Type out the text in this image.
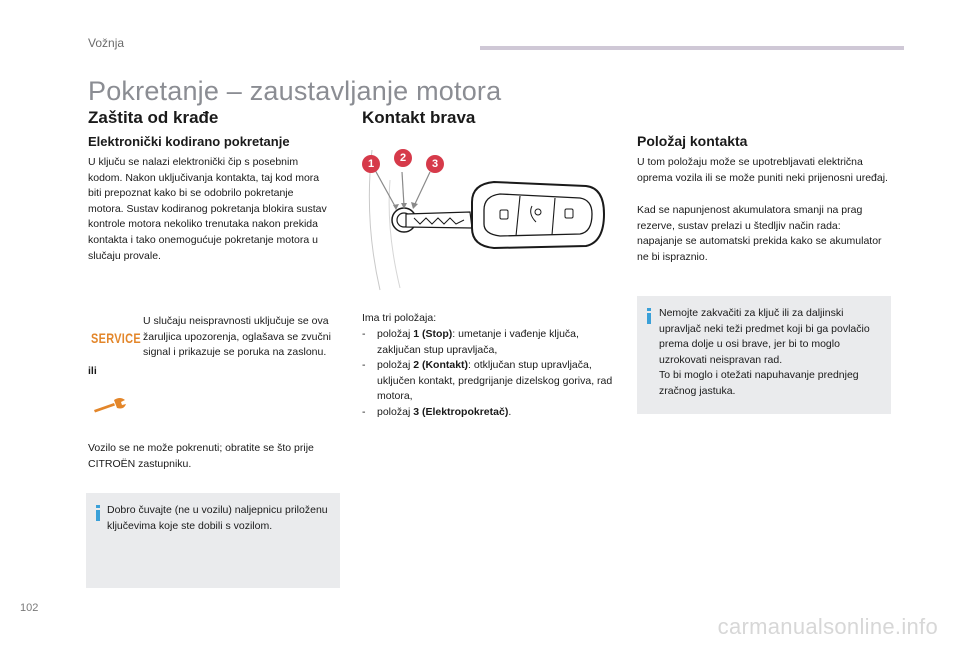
Vožnja
Pokretanje – zaustavljanje motora
Zaštita od krađe
Elektronički kodirano pokretanje
U ključu se nalazi elektronički čip s posebnim kodom. Nakon uključivanja kontakta, taj kod mora biti prepoznat kako bi se odobrilo pokretanje motora. Sustav kodiranog pokretanja blokira sustav kontrole motora nekoliko trenutaka nakon prekida kontakta i tako onemogućuje pokretanje motora u slučaju provale.
SERVICE
ili
U slučaju neispravnosti uključuje se ova žaruljica upozorenja, oglašava se zvučni signal i prikazuje se poruka na zaslonu.
Vozilo se ne može pokrenuti; obratite se što prije CITROËN zastupniku.
Dobro čuvajte (ne u vozilu) naljepnicu priloženu ključevima koje ste dobili s vozilom.
Kontakt brava
1	2	3
Ima tri položaja:
- položaj 1 (Stop): umetanje i vađenje ključa, zaključan stup upravljača,
- položaj 2 (Kontakt): otključan stup upravljača, uključen kontakt, predgrijanje dizelskog goriva, rad motora,
- položaj 3 (Elektropokretač).
Položaj kontakta
U tom položaju može se upotrebljavati električna oprema vozila ili se može puniti neki prijenosni uređaj.
Kad se napunjenost akumulatora smanji na prag rezerve, sustav prelazi u štedljiv način rada: napajanje se automatski prekida kako se akumulator ne bi ispraznio.
Nemojte zakvačiti za ključ ili za daljinski upravljač neki teži predmet koji bi ga povlačio prema dolje u osi brave, jer bi to moglo uzrokovati neispravan rad.
To bi moglo i otežati napuhavanje prednjeg zračnog jastuka.
102
carmanualsonline.info
